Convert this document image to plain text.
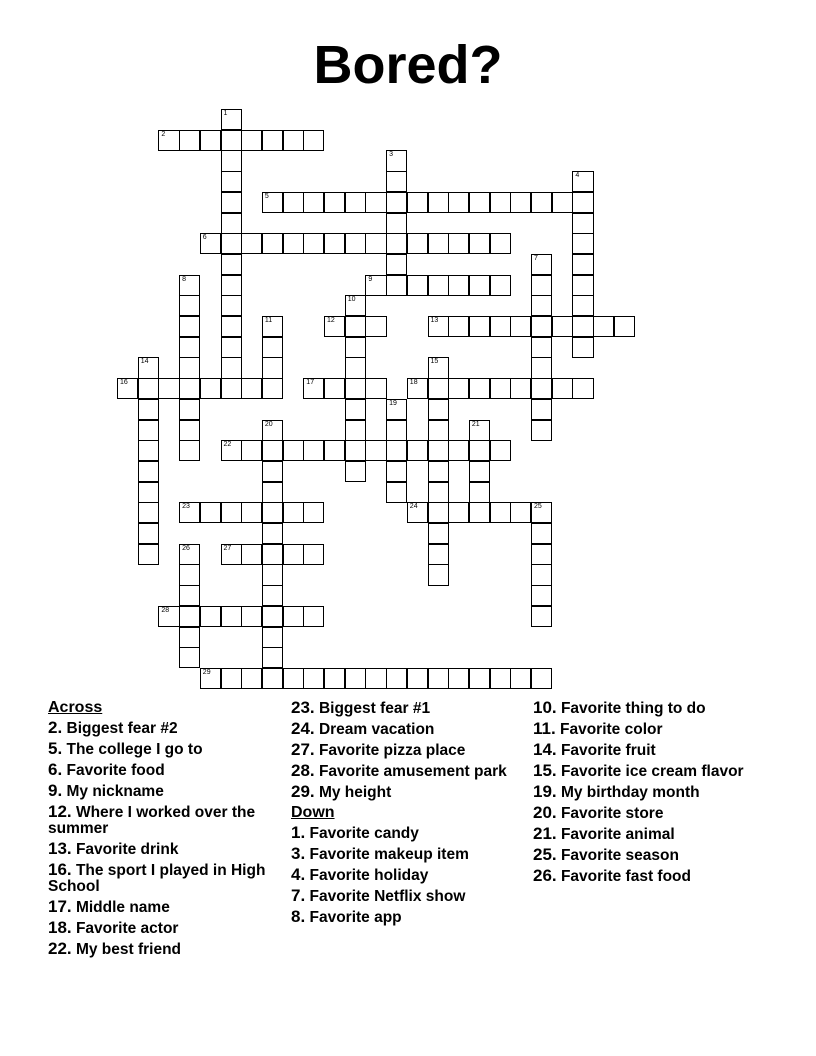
Bored?
1
2
3
4
5
6
7
8	9
10
11	12	13
14	15
16	17	18
19
20	21
22
23	24	25
26	27
28
29
Across
2. Biggest fear #2
5. The college I go to
6. Favorite food
9. My nickname
12. Where I worked over the summer
13. Favorite drink
16. The sport I played in High School
17. Middle name
18. Favorite actor
22. My best friend
23. Biggest fear #1
24. Dream vacation
27. Favorite pizza place
28. Favorite amusement park
29. My height
Down
1. Favorite candy
3. Favorite makeup item
4. Favorite holiday
7. Favorite Netflix show
8. Favorite app
10. Favorite thing to do
11. Favorite color
14. Favorite fruit
15. Favorite ice cream flavor
19. My birthday month
20. Favorite store
21. Favorite animal
25. Favorite season
26. Favorite fast food
